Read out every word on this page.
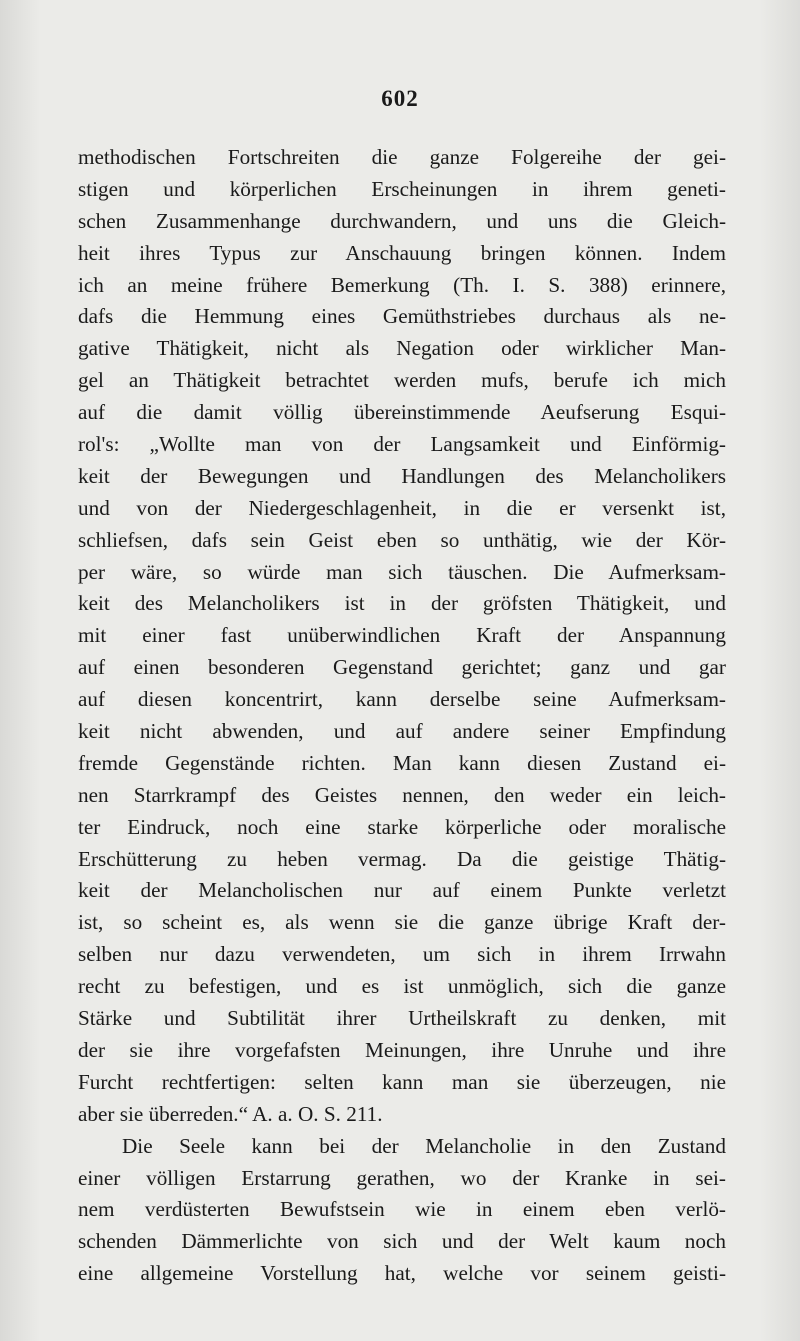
602
methodischen Fortschreiten die ganze Folgereihe der gei-
stigen und körperlichen Erscheinungen in ihrem geneti-
schen Zusammenhange durchwandern, und uns die Gleich-
heit ihres Typus zur Anschauung bringen können. Indem
ich an meine frühere Bemerkung (Th. I. S. 388) erinnere,
dafs die Hemmung eines Gemüthstriebes durchaus als ne-
gative Thätigkeit, nicht als Negation oder wirklicher Man-
gel an Thätigkeit betrachtet werden mufs, berufe ich mich
auf die damit völlig übereinstimmende Aeufserung Esqui-
rol's: „Wollte man von der Langsamkeit und Einförmig-
keit der Bewegungen und Handlungen des Melancholikers
und von der Niedergeschlagenheit, in die er versenkt ist,
schliefsen, dafs sein Geist eben so unthätig, wie der Kör-
per wäre, so würde man sich täuschen. Die Aufmerksam-
keit des Melancholikers ist in der gröfsten Thätigkeit, und
mit einer fast unüberwindlichen Kraft der Anspannung
auf einen besonderen Gegenstand gerichtet; ganz und gar
auf diesen koncentrirt, kann derselbe seine Aufmerksam-
keit nicht abwenden, und auf andere seiner Empfindung
fremde Gegenstände richten. Man kann diesen Zustand ei-
nen Starrkrampf des Geistes nennen, den weder ein leich-
ter Eindruck, noch eine starke körperliche oder moralische
Erschütterung zu heben vermag. Da die geistige Thätig-
keit der Melancholischen nur auf einem Punkte verletzt
ist, so scheint es, als wenn sie die ganze übrige Kraft der-
selben nur dazu verwendeten, um sich in ihrem Irrwahn
recht zu befestigen, und es ist unmöglich, sich die ganze
Stärke und Subtilität ihrer Urtheilskraft zu denken, mit
der sie ihre vorgefafsten Meinungen, ihre Unruhe und ihre
Furcht rechtfertigen: selten kann man sie überzeugen, nie
aber sie überreden.“ A. a. O. S. 211.
Die Seele kann bei der Melancholie in den Zustand
einer völligen Erstarrung gerathen, wo der Kranke in sei-
nem verdüsterten Bewufstsein wie in einem eben verlö-
schenden Dämmerlichte von sich und der Welt kaum noch
eine allgemeine Vorstellung hat, welche vor seinem geisti-
